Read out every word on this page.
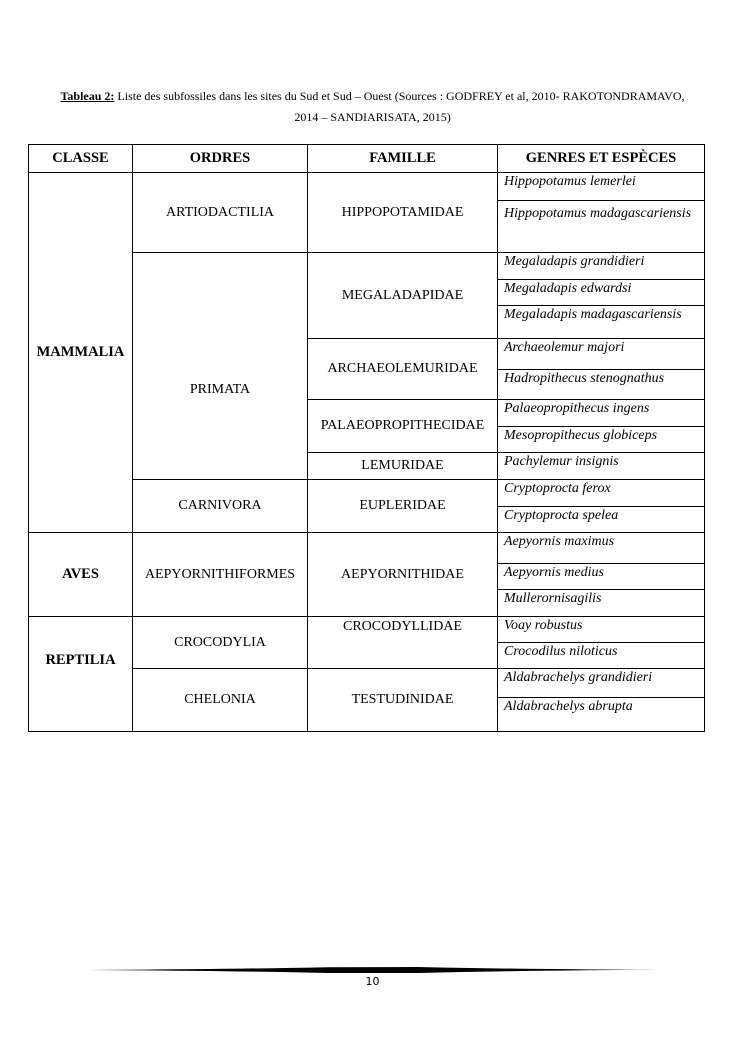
Tableau 2: Liste des subfossiles dans les sites du Sud et Sud – Ouest (Sources : GODFREY et al, 2010- RAKOTONDRAMAVO, 2014 – SANDIARISATA, 2015)
CLASSE	ORDRES	FAMILLE	GENRES ET ESPÈCES
MAMMALIA	ARTIODACTILIA	HIPPOPOTAMIDAE	Hippopotamus lemerlei
			Hippopotamus madagascariensis
	PRIMATA	MEGALADAPIDAE	Megaladapis grandidieri
			Megaladapis edwardsi
			Megaladapis madagascariensis
		ARCHAEOLEMURIDAE	Archaeolemur majori
			Hadropithecus stenognathus
		PALAEOPROPITHECIDAE	Palaeopropithecus ingens
			Mesopropithecus globiceps
		LEMURIDAE	Pachylemur insignis
	CARNIVORA	EUPLERIDAE	Cryptoprocta ferox
			Cryptoprocta spelea
AVES	AEPYORNITHIFORMES	AEPYORNITHIDAE	Aepyornis maximus
			Aepyornis medius
			Mullerornisagilis
REPTILIA	CROCODYLIA	CROCODYLLIDAE	Voay robustus
			Crocodilus niloticus
	CHELONIA	TESTUDINIDAE	Aldabrachelys grandidieri
			Aldabrachelys abrupta
10
